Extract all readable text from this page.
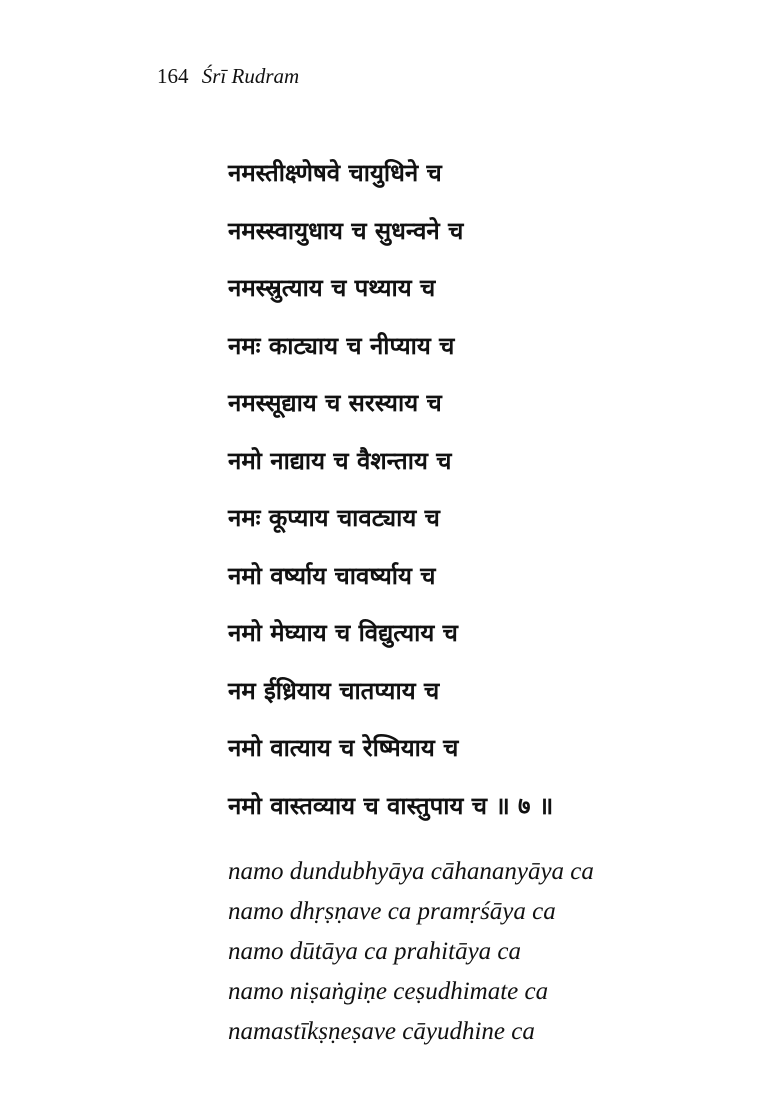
164 Śrī Rudram
नमस्तीक्ष्णेषवे चायुधिने च
नमस्स्वायुधाय च सुधन्वने च
नमस्स्रुत्याय च पथ्याय च
नमः काट्याय च नीप्याय च
नमस्सूद्याय च सरस्याय च
नमो नाद्याय च वैशन्ताय च
नमः कूप्याय चावट्याय च
नमो वर्ष्याय चावर्ष्याय च
नमो मेघ्याय च विद्युत्याय च
नम ईध्रियाय चातप्याय च
नमो वात्याय च रेष्मियाय च
नमो वास्तव्याय च वास्तुपाय च ॥ ७ ॥
namo dundubhyāya cāhananyāya ca
namo dhṛṣṇave ca pramṛśāya ca
namo dūtāya ca prahitāya ca
namo niṣaṅgiṇe ceṣudhimate ca
namastīkṣṇeṣave cāyudhine ca
